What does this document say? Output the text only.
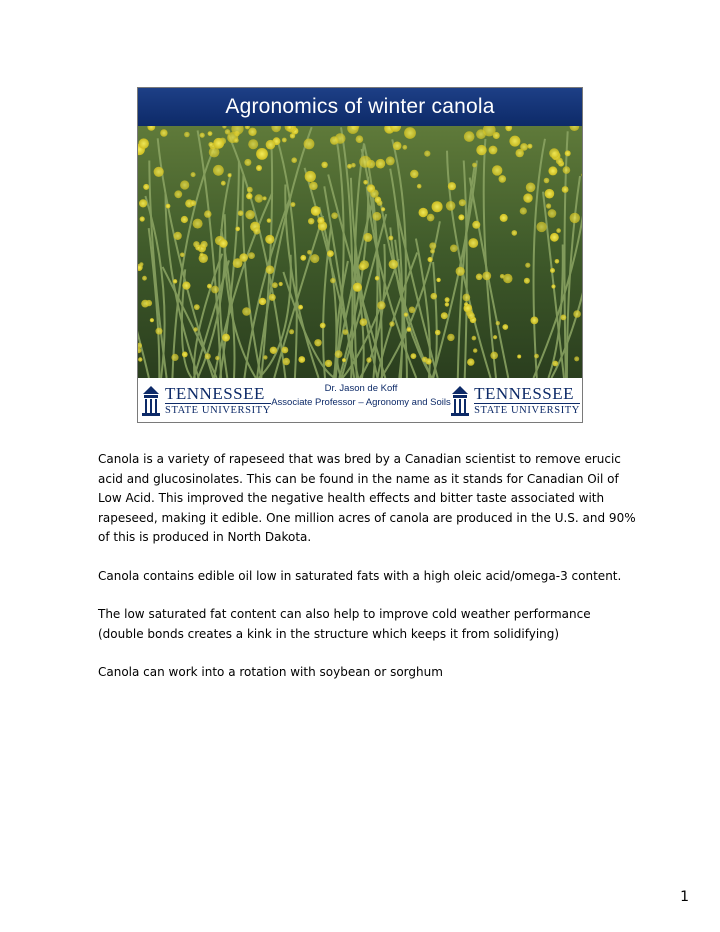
Agronomics of winter canola
TENNESSEE
STATE UNIVERSITY
Dr. Jason de Koff
Associate Professor – Agronomy and Soils	TENNESSEE
STATE UNIVERSITY

Canola is a variety of rapeseed that was bred by a Canadian scientist to remove erucic acid and glucosinolates. This can be found in the name as it stands for Canadian Oil of Low Acid. This improved the negative health effects and bitter taste associated with rapeseed, making it edible. One million acres of canola are produced in the U.S. and 90% of this is produced in North Dakota.

Canola contains edible oil low in saturated fats with a high oleic acid/omega-3 content.

The low saturated fat content can also help to improve cold weather performance (double bonds creates a kink in the structure which keeps it from solidifying)

Canola can work into a rotation with soybean or sorghum

1
